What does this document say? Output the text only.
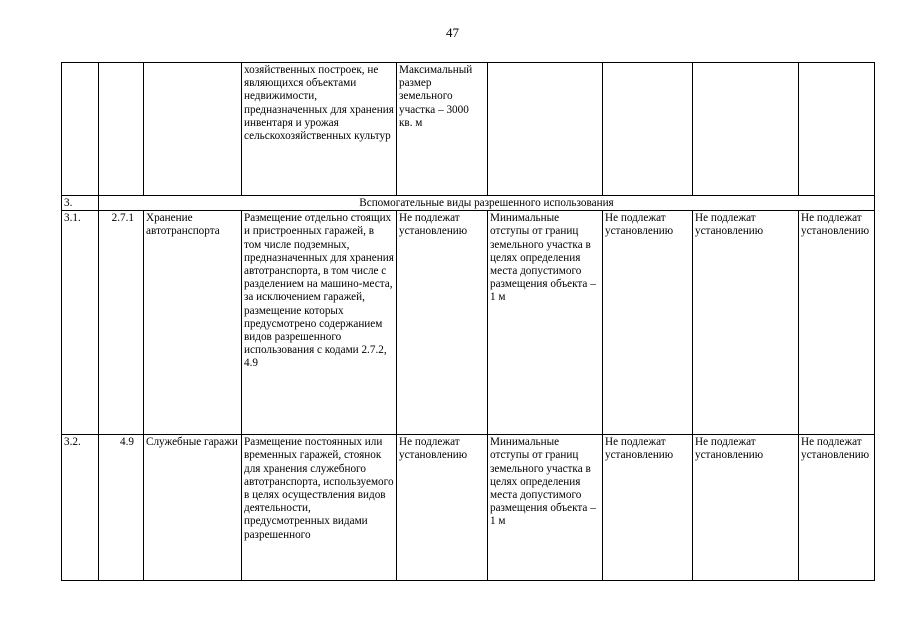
47
			хозяйственных построек, не являющихся объектами недвижимости, предназначенных для хранения инвентаря и урожая сельскохозяйственных культур	Максимальный размер земельного участка – 3000 кв. м				
3.	Вспомогательные виды разрешенного использования							
3.1.	2.7.1	Хранение автотранспорта	Размещение отдельно стоящих и пристроенных гаражей, в том числе подземных, предназначенных для хранения автотранспорта, в том числе с разделением на машино-места, за исключением гаражей, размещение которых предусмотрено содержанием видов разрешенного использования с кодами 2.7.2, 4.9	Не подлежат установлению	Минимальные отступы от границ земельного участка в целях определения места допустимого размещения объекта – 1 м	Не подлежат установлению	Не подлежат установлению	Не подлежат установлению
3.2.	4.9	Служебные гаражи	Размещение постоянных или временных гаражей, стоянок для хранения служебного автотранспорта, используемого в целях осуществления видов деятельности, предусмотренных видами разрешенного	Не подлежат установлению	Минимальные отступы от границ земельного участка в целях определения места допустимого размещения объекта – 1 м	Не подлежат установлению	Не подлежат установлению	Не подлежат установлению
